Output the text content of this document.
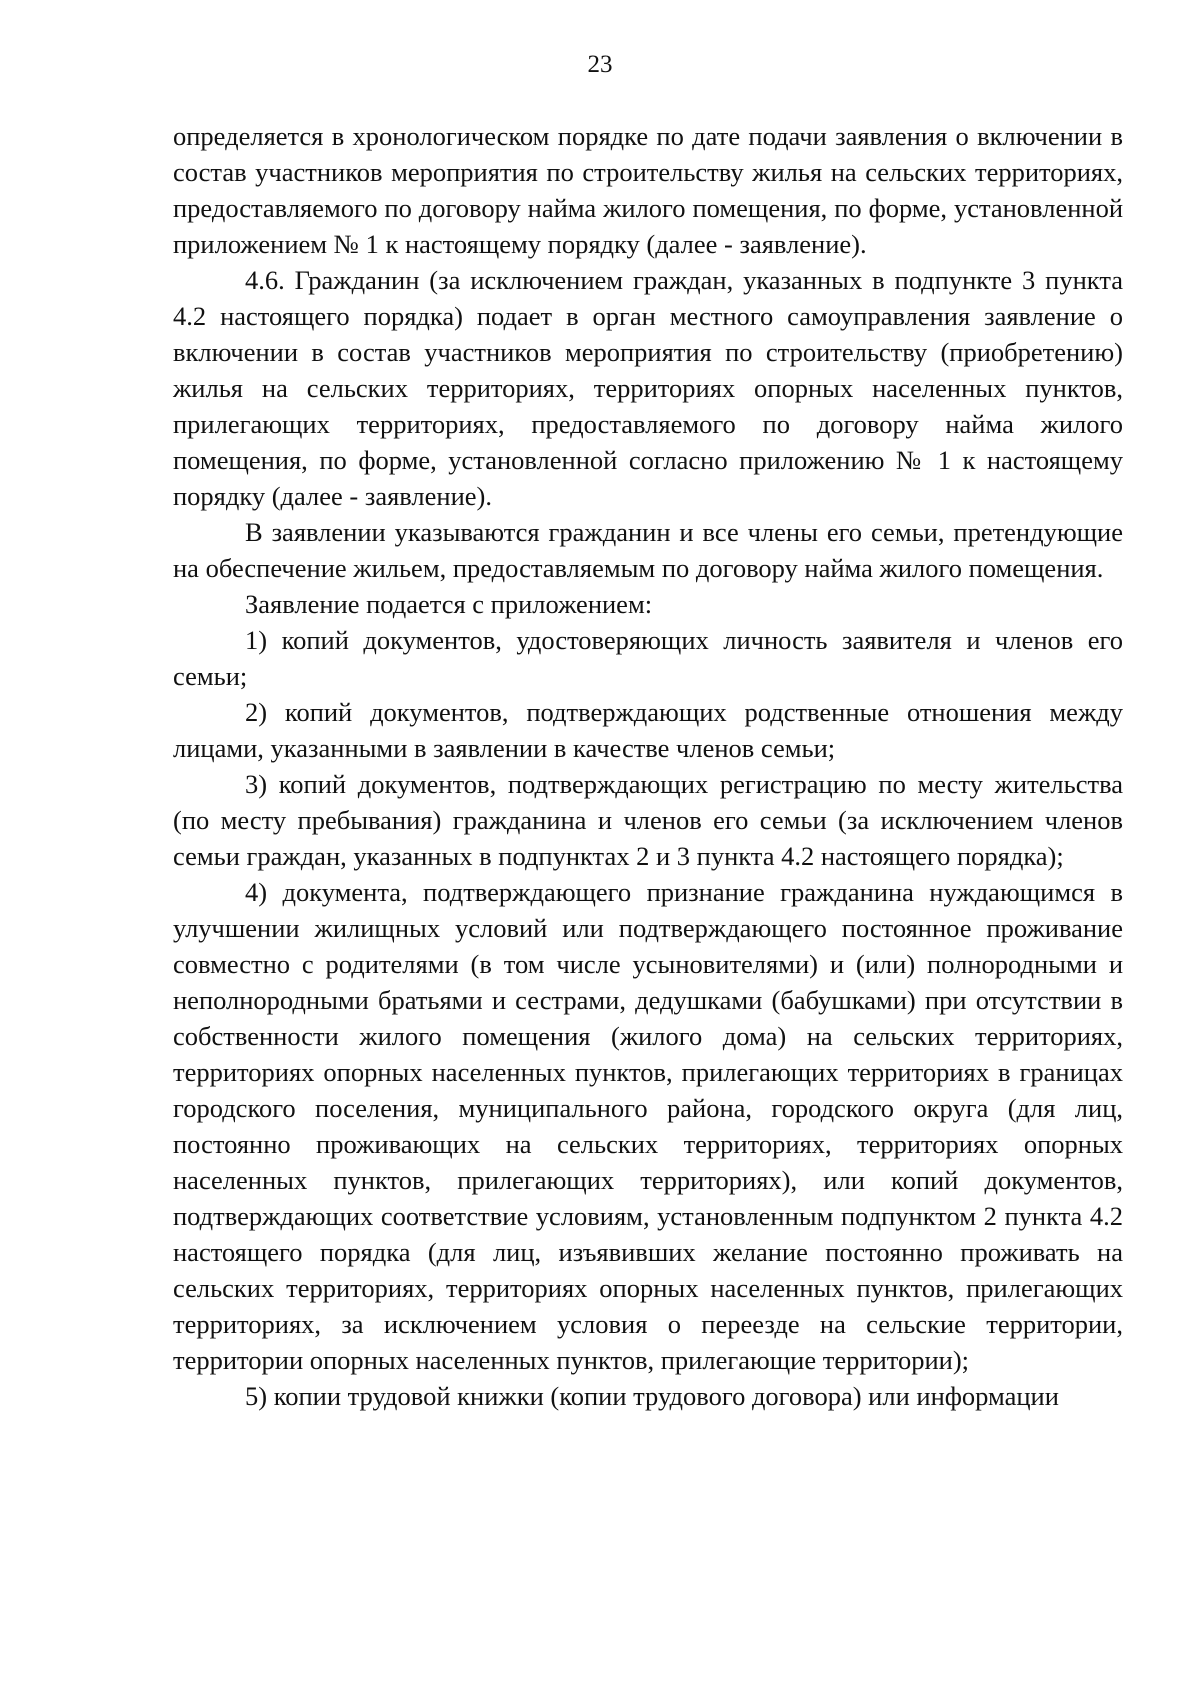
23

определяется в хронологическом порядке по дате подачи заявления о включении в состав участников мероприятия по строительству жилья на сельских территориях, предоставляемого по договору найма жилого помещения, по форме, установленной приложением № 1 к настоящему порядку (далее - заявление).

4.6. Гражданин (за исключением граждан, указанных в подпункте 3 пункта 4.2 настоящего порядка) подает в орган местного самоуправления заявление о включении в состав участников мероприятия по строительству (приобретению) жилья на сельских территориях, территориях опорных населенных пунктов, прилегающих территориях, предоставляемого по договору найма жилого помещения, по форме, установленной согласно приложению № 1 к настоящему порядку (далее - заявление).

В заявлении указываются гражданин и все члены его семьи, претендующие на обеспечение жильем, предоставляемым по договору найма жилого помещения.

Заявление подается с приложением:

1) копий документов, удостоверяющих личность заявителя и членов его семьи;

2) копий документов, подтверждающих родственные отношения между лицами, указанными в заявлении в качестве членов семьи;

3) копий документов, подтверждающих регистрацию по месту жительства (по месту пребывания) гражданина и членов его семьи (за исключением членов семьи граждан, указанных в подпунктах 2 и 3 пункта 4.2 настоящего порядка);

4) документа, подтверждающего признание гражданина нуждающимся в улучшении жилищных условий или подтверждающего постоянное проживание совместно с родителями (в том числе усыновителями) и (или) полнородными и неполнородными братьями и сестрами, дедушками (бабушками) при отсутствии в собственности жилого помещения (жилого дома) на сельских территориях, территориях опорных населенных пунктов, прилегающих территориях в границах городского поселения, муниципального района, городского округа (для лиц, постоянно проживающих на сельских территориях, территориях опорных населенных пунктов, прилегающих территориях), или копий документов, подтверждающих соответствие условиям, установленным подпунктом 2 пункта 4.2 настоящего порядка (для лиц, изъявивших желание постоянно проживать на сельских территориях, территориях опорных населенных пунктов, прилегающих территориях, за исключением условия о переезде на сельские территории, территории опорных населенных пунктов, прилегающие территории);

5) копии трудовой книжки (копии трудового договора) или информации
